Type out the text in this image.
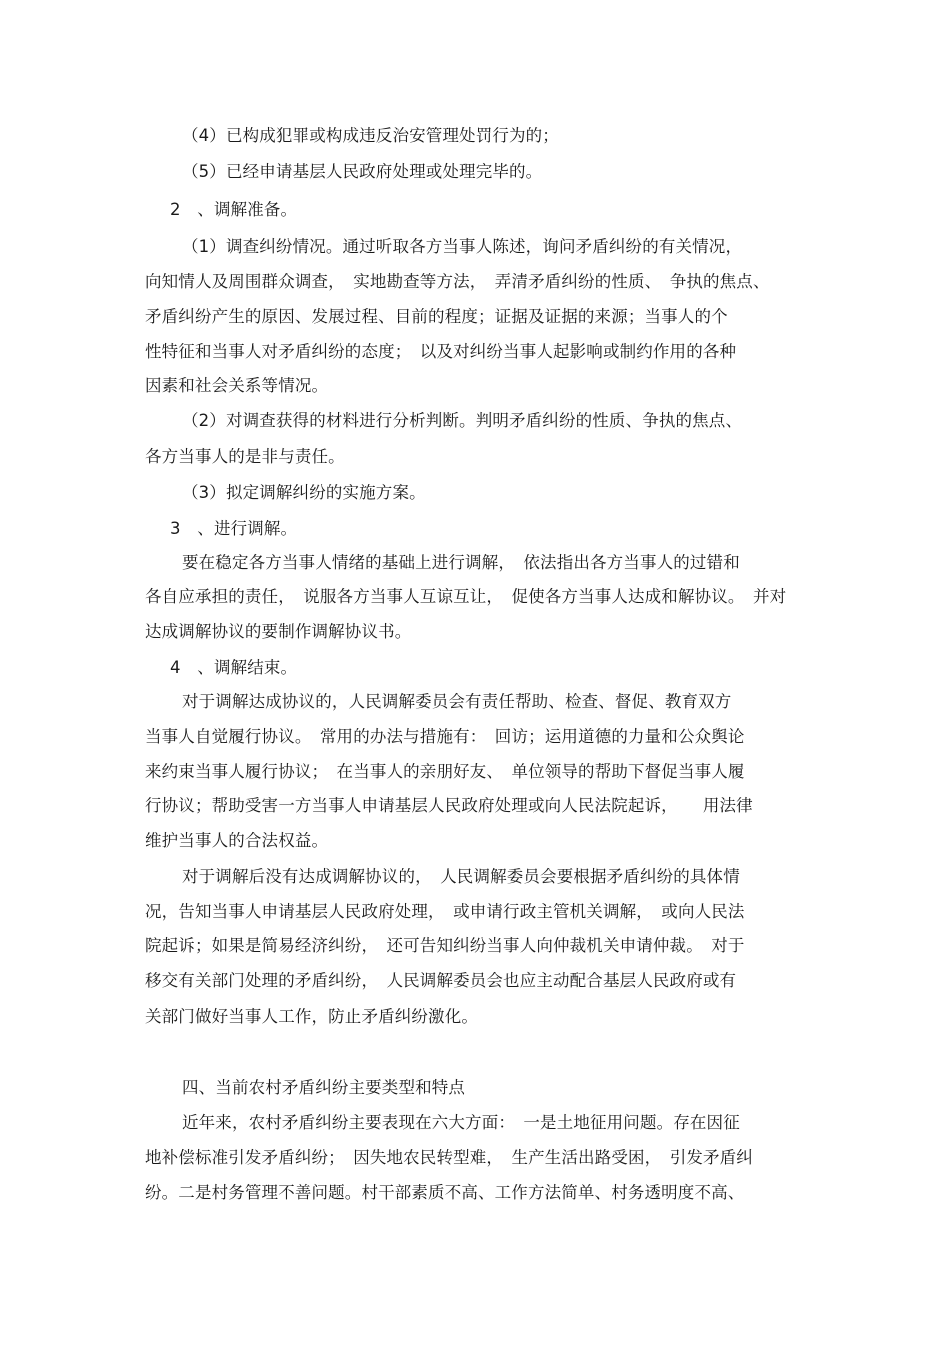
（4）已构成犯罪或构成违反治安管理处罚行为的；
（5）已经申请基层人民政府处理或处理完毕的。
2　、调解准备。
（1）调查纠纷情况。通过听取各方当事人陈述，询问矛盾纠纷的有关情况，
向知情人及周围群众调查，　实地勘查等方法，　弄清矛盾纠纷的性质、　争执的焦点、
矛盾纠纷产生的原因、发展过程、目前的程度；证据及证据的来源；当事人的个
性特征和当事人对矛盾纠纷的态度；　以及对纠纷当事人起影响或制约作用的各种
因素和社会关系等情况。
（2）对调查获得的材料进行分析判断。判明矛盾纠纷的性质、争执的焦点、
各方当事人的是非与责任。
（3）拟定调解纠纷的实施方案。
3　、进行调解。
要在稳定各方当事人情绪的基础上进行调解，　依法指出各方当事人的过错和
各自应承担的责任，　说服各方当事人互谅互让，　促使各方当事人达成和解协议。　并对
达成调解协议的要制作调解协议书。
4　、调解结束。
对于调解达成协议的，人民调解委员会有责任帮助、检查、督促、教育双方
当事人自觉履行协议。　常用的办法与措施有：　回访；运用道德的力量和公众舆论
来约束当事人履行协议；　在当事人的亲朋好友、　单位领导的帮助下督促当事人履
行协议；帮助受害一方当事人申请基层人民政府处理或向人民法院起诉，　　用法律
维护当事人的合法权益。
对于调解后没有达成调解协议的，　人民调解委员会要根据矛盾纠纷的具体情
况，告知当事人申请基层人民政府处理，　或申请行政主管机关调解，　或向人民法
院起诉；如果是简易经济纠纷，　还可告知纠纷当事人向仲裁机关申请仲裁。　对于
移交有关部门处理的矛盾纠纷，　人民调解委员会也应主动配合基层人民政府或有
关部门做好当事人工作，防止矛盾纠纷激化。
四、当前农村矛盾纠纷主要类型和特点
近年来，农村矛盾纠纷主要表现在六大方面：　一是土地征用问题。存在因征
地补偿标准引发矛盾纠纷；　因失地农民转型难，　生产生活出路受困，　引发矛盾纠
纷。二是村务管理不善问题。村干部素质不高、工作方法简单、村务透明度不高、
